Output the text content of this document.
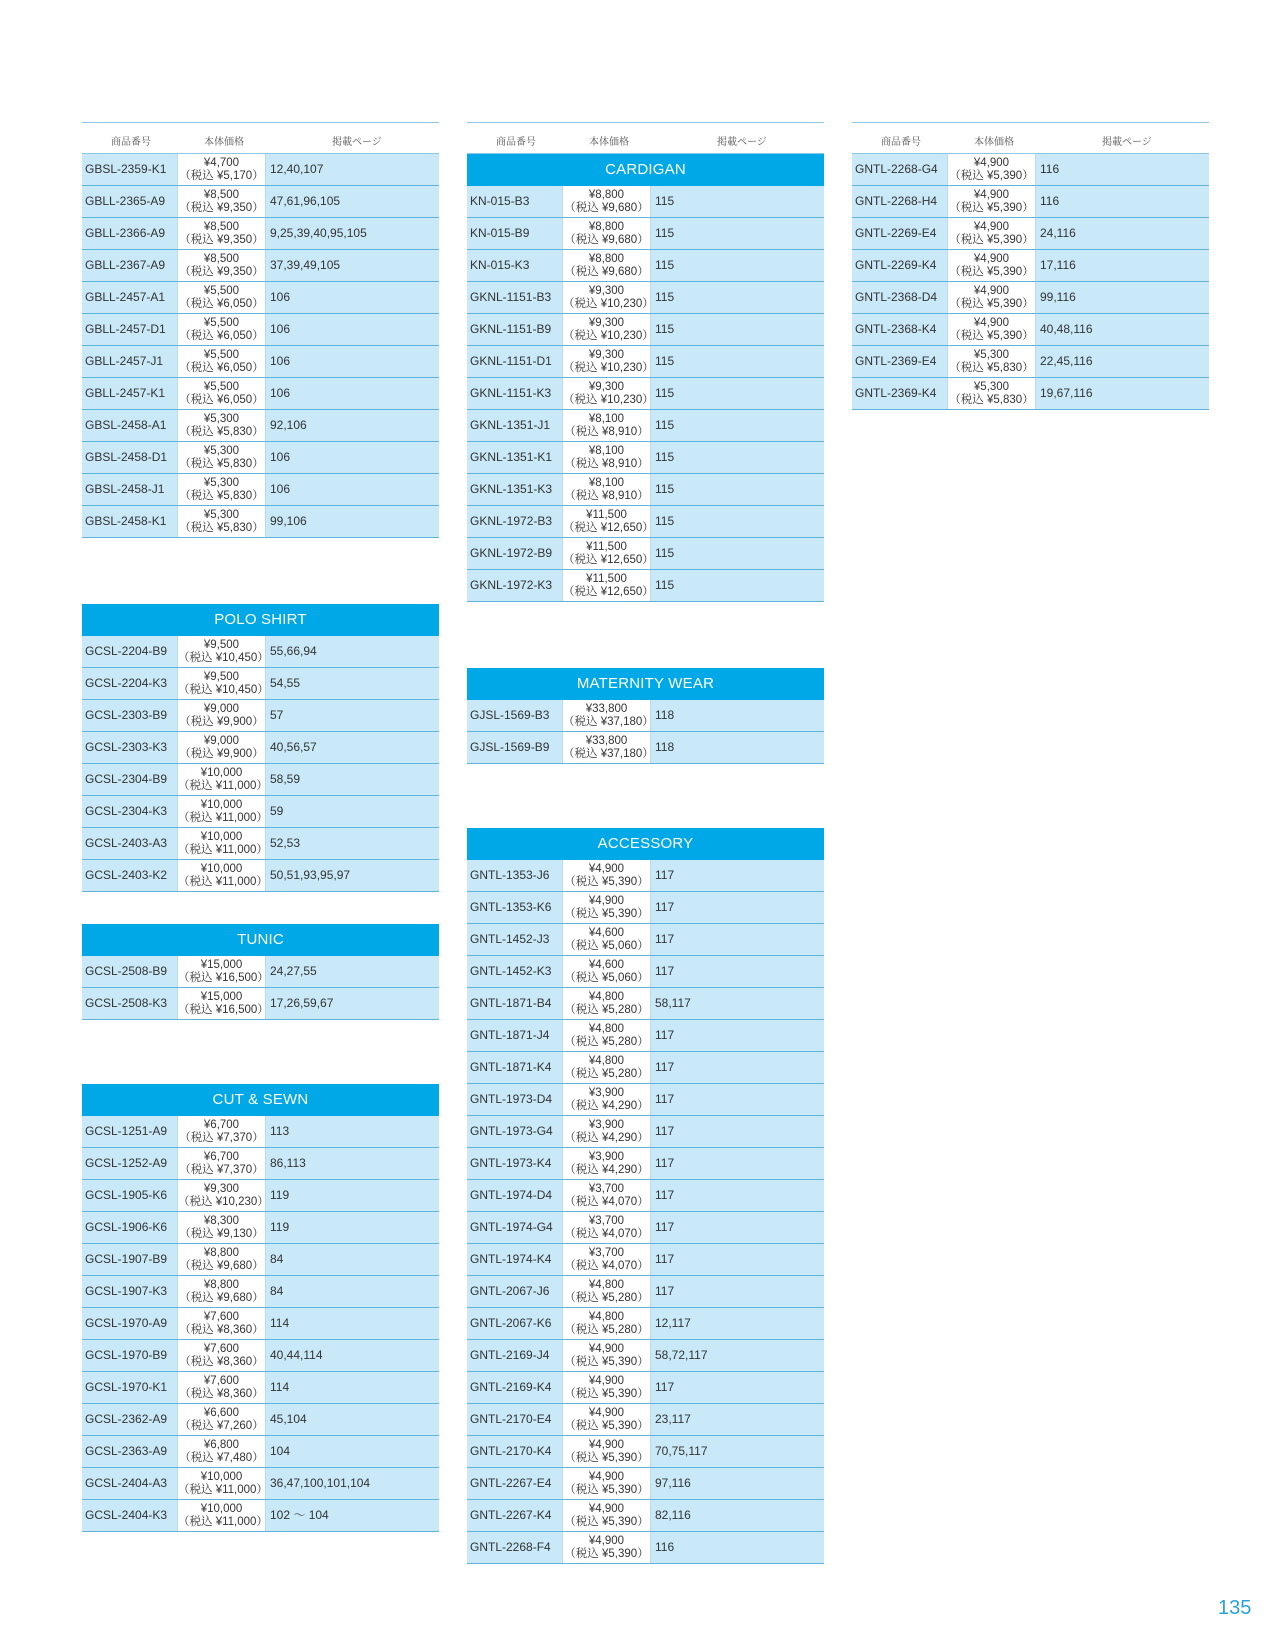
商品番号	本体価格	掲載ページ
GBSL-2359-K1	¥4,700
（税込 ¥5,170） 12,40,107
GBLL-2365-A9	¥8,500
（税込 ¥9,350） 47,61,96,105
GBLL-2366-A9	¥8,500
（税込 ¥9,350） 9,25,39,40,95,105
GBLL-2367-A9	¥8,500
（税込 ¥9,350） 37,39,49,105
GBLL-2457-A1	¥5,500
（税込 ¥6,050） 106
GBLL-2457-D1	¥5,500
（税込 ¥6,050） 106
GBLL-2457-J1	¥5,500
（税込 ¥6,050） 106
GBLL-2457-K1	¥5,500
（税込 ¥6,050） 106
GBSL-2458-A1	¥5,300
（税込 ¥5,830） 92,106
GBSL-2458-D1	¥5,300
（税込 ¥5,830） 106
GBSL-2458-J1	¥5,300
（税込 ¥5,830） 106
GBSL-2458-K1	¥5,300
（税込 ¥5,830） 99,106
POLO SHIRT
GCSL-2204-B9	¥9,500
（税込 ¥10,450） 55,66,94
GCSL-2204-K3	¥9,500
（税込 ¥10,450） 54,55
GCSL-2303-B9	¥9,000
（税込 ¥9,900） 57
GCSL-2303-K3	¥9,000
（税込 ¥9,900） 40,56,57
GCSL-2304-B9	¥10,000
（税込 ¥11,000） 58,59
GCSL-2304-K3	¥10,000
（税込 ¥11,000） 59
GCSL-2403-A3	¥10,000
（税込 ¥11,000） 52,53
GCSL-2403-K2	¥10,000
（税込 ¥11,000） 50,51,93,95,97
TUNIC
GCSL-2508-B9	¥15,000
（税込 ¥16,500） 24,27,55
GCSL-2508-K3	¥15,000
（税込 ¥16,500） 17,26,59,67
CUT & SEWN
GCSL-1251-A9	¥6,700
（税込 ¥7,370） 113
GCSL-1252-A9	¥6,700
（税込 ¥7,370） 86,113
GCSL-1905-K6	¥9,300
（税込 ¥10,230） 119
GCSL-1906-K6	¥8,300
（税込 ¥9,130） 119
GCSL-1907-B9	¥8,800
（税込 ¥9,680） 84
GCSL-1907-K3	¥8,800
（税込 ¥9,680） 84
GCSL-1970-A9	¥7,600
（税込 ¥8,360） 114
GCSL-1970-B9	¥7,600
（税込 ¥8,360） 40,44,114
GCSL-1970-K1	¥7,600
（税込 ¥8,360） 114
GCSL-2362-A9	¥6,600
（税込 ¥7,260） 45,104
GCSL-2363-A9	¥6,800
（税込 ¥7,480） 104
GCSL-2404-A3	¥10,000
（税込 ¥11,000） 36,47,100,101,104
GCSL-2404-K3	¥10,000
（税込 ¥11,000） 102 ～ 104
商品番号	本体価格	掲載ページ
CARDIGAN
KN-015-B3	¥8,800
（税込 ¥9,680） 115
KN-015-B9	¥8,800
（税込 ¥9,680） 115
KN-015-K3	¥8,800
（税込 ¥9,680） 115
GKNL-1151-B3	¥9,300
（税込 ¥10,230） 115
GKNL-1151-B9	¥9,300
（税込 ¥10,230） 115
GKNL-1151-D1	¥9,300
（税込 ¥10,230） 115
GKNL-1151-K3	¥9,300
（税込 ¥10,230） 115
GKNL-1351-J1	¥8,100
（税込 ¥8,910） 115
GKNL-1351-K1	¥8,100
（税込 ¥8,910） 115
GKNL-1351-K3	¥8,100
（税込 ¥8,910） 115
GKNL-1972-B3	¥11,500
（税込 ¥12,650） 115
GKNL-1972-B9	¥11,500
（税込 ¥12,650） 115
GKNL-1972-K3	¥11,500
（税込 ¥12,650） 115
MATERNITY WEAR
GJSL-1569-B3	¥33,800
（税込 ¥37,180） 118
GJSL-1569-B9	¥33,800
（税込 ¥37,180） 118
ACCESSORY
GNTL-1353-J6	¥4,900
（税込 ¥5,390） 117
GNTL-1353-K6	¥4,900
（税込 ¥5,390） 117
GNTL-1452-J3	¥4,600
（税込 ¥5,060） 117
GNTL-1452-K3	¥4,600
（税込 ¥5,060） 117
GNTL-1871-B4	¥4,800
（税込 ¥5,280） 58,117
GNTL-1871-J4	¥4,800
（税込 ¥5,280） 117
GNTL-1871-K4	¥4,800
（税込 ¥5,280） 117
GNTL-1973-D4	¥3,900
（税込 ¥4,290） 117
GNTL-1973-G4	¥3,900
（税込 ¥4,290） 117
GNTL-1973-K4	¥3,900
（税込 ¥4,290） 117
GNTL-1974-D4	¥3,700
（税込 ¥4,070） 117
GNTL-1974-G4	¥3,700
（税込 ¥4,070） 117
GNTL-1974-K4	¥3,700
（税込 ¥4,070） 117
GNTL-2067-J6	¥4,800
（税込 ¥5,280） 117
GNTL-2067-K6	¥4,800
（税込 ¥5,280） 12,117
GNTL-2169-J4	¥4,900
（税込 ¥5,390） 58,72,117
GNTL-2169-K4	¥4,900
（税込 ¥5,390） 117
GNTL-2170-E4	¥4,900
（税込 ¥5,390） 23,117
GNTL-2170-K4	¥4,900
（税込 ¥5,390） 70,75,117
GNTL-2267-E4	¥4,900
（税込 ¥5,390） 97,116
GNTL-2267-K4	¥4,900
（税込 ¥5,390） 82,116
GNTL-2268-F4	¥4,900
（税込 ¥5,390） 116
商品番号	本体価格	掲載ページ
GNTL-2268-G4	¥4,900
（税込 ¥5,390） 116
GNTL-2268-H4	¥4,900
（税込 ¥5,390） 116
GNTL-2269-E4	¥4,900
（税込 ¥5,390） 24,116
GNTL-2269-K4	¥4,900
（税込 ¥5,390） 17,116
GNTL-2368-D4	¥4,900
（税込 ¥5,390） 99,116
GNTL-2368-K4	¥4,900
（税込 ¥5,390） 40,48,116
GNTL-2369-E4	¥5,300
（税込 ¥5,830） 22,45,116
GNTL-2369-K4	¥5,300
（税込 ¥5,830） 19,67,116
135
